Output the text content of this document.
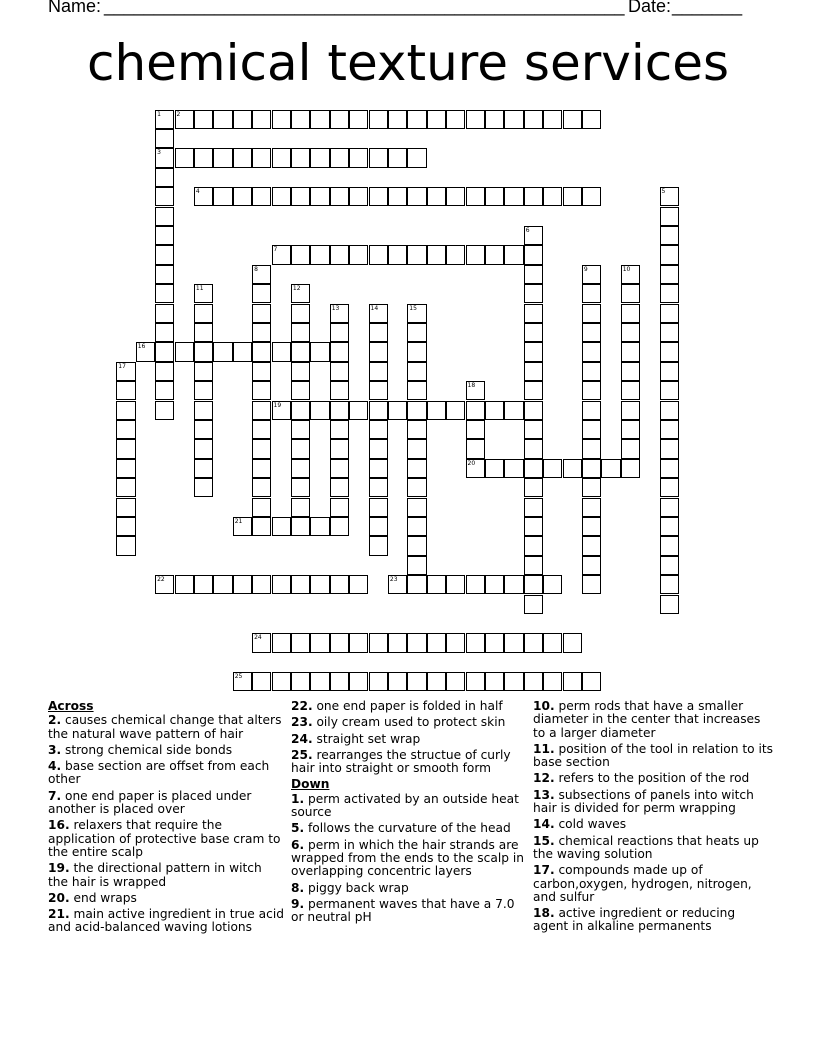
Name: ____________________________________________________ Date: _______
chemical texture services
1	2
3
4	5
6
7
8	9	10
11	12
13	14	15
16
17
18
19
20
21
22	23
24
25
Across
2. causes chemical change that alters the natural wave pattern of hair
3. strong chemical side bonds
4. base section are offset from each other
7. one end paper is placed under another is placed over
16. relaxers that require the application of protective base cram to the entire scalp
19. the directional pattern in witch the hair is wrapped
20. end wraps
21. main active ingredient in true acid and acid-balanced waving lotions
22. one end paper is folded in half
23. oily cream used to protect skin
24. straight set wrap
25. rearranges the structue of curly hair into straight or smooth form
Down
1. perm activated by an outside heat source
5. follows the curvature of the head
6. perm in which the hair strands are wrapped from the ends to the scalp in overlapping concentric layers
8. piggy back wrap
9. permanent waves that have a 7.0 or neutral pH
10. perm rods that have a smaller diameter in the center that increases to a larger diameter
11. position of the tool in relation to its base section
12. refers to the position of the rod
13. subsections of panels into witch hair is divided for perm wrapping
14. cold waves
15. chemical reactions that heats up the waving solution
17. compounds made up of carbon,oxygen, hydrogen, nitrogen, and sulfur
18. active ingredient or reducing agent in alkaline permanents
